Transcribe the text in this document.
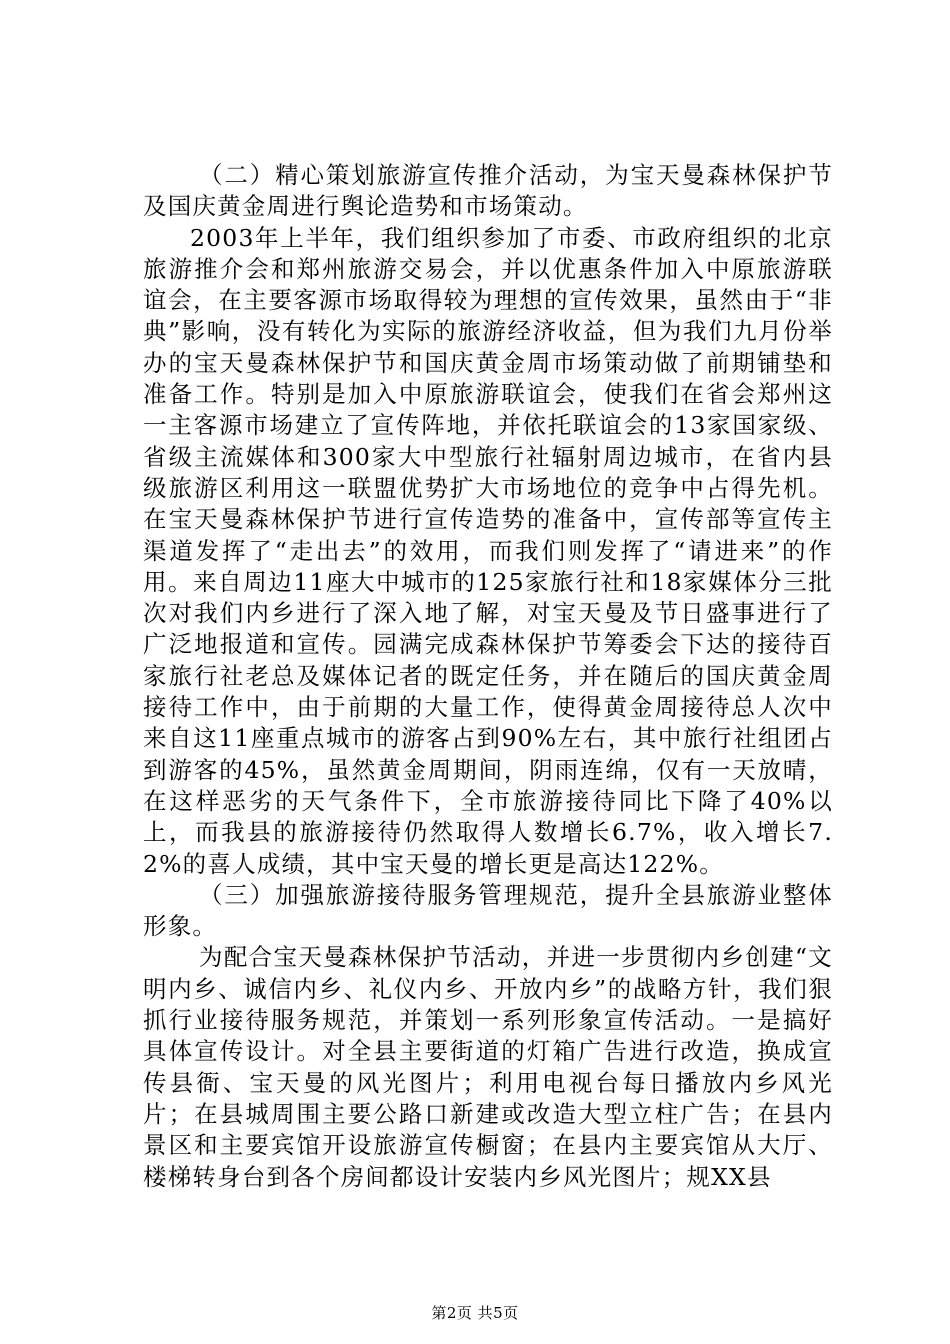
（二）精心策划旅游宣传推介活动，为宝天曼森林保护节及国庆黄金周进行舆论造势和市场策动。

2003年上半年，我们组织参加了市委、市政府组织的北京旅游推介会和郑州旅游交易会，并以优惠条件加入中原旅游联谊会，在主要客源市场取得较为理想的宣传效果，虽然由于“非典”影响，没有转化为实际的旅游经济收益，但为我们九月份举办的宝天曼森林保护节和国庆黄金周市场策动做了前期铺垫和准备工作。特别是加入中原旅游联谊会，使我们在省会郑州这一主客源市场建立了宣传阵地，并依托联谊会的13家国家级、省级主流媒体和300家大中型旅行社辐射周边城市，在省内县级旅游区利用这一联盟优势扩大市场地位的竞争中占得先机。在宝天曼森林保护节进行宣传造势的准备中，宣传部等宣传主渠道发挥了“走出去”的效用，而我们则发挥了“请进来”的作用。来自周边11座大中城市的125家旅行社和18家媒体分三批次对我们内乡进行了深入地了解，对宝天曼及节日盛事进行了广泛地报道和宣传。园满完成森林保护节筹委会下达的接待百家旅行社老总及媒体记者的既定任务，并在随后的国庆黄金周接待工作中，由于前期的大量工作，使得黄金周接待总人次中来自这11座重点城市的游客占到90%左右，其中旅行社组团占到游客的45%，虽然黄金周期间，阴雨连绵，仅有一天放晴，在这样恶劣的天气条件下，全市旅游接待同比下降了40%以上，而我县的旅游接待仍然取得人数增长6.7%，收入增长7.2%的喜人成绩，其中宝天曼的增长更是高达122%。

（三）加强旅游接待服务管理规范，提升全县旅游业整体形象。

为配合宝天曼森林保护节活动，并进一步贯彻内乡创建“文明内乡、诚信内乡、礼仪内乡、开放内乡”的战略方针，我们狠抓行业接待服务规范，并策划一系列形象宣传活动。一是搞好具体宣传设计。对全县主要街道的灯箱广告进行改造，换成宣传县衙、宝天曼的风光图片；利用电视台每日播放内乡风光片；在县城周围主要公路口新建或改造大型立柱广告；在县内景区和主要宾馆开设旅游宣传橱窗；在县内主要宾馆从大厅、楼梯转身台到各个房间都设计安装内乡风光图片；规XX县

第2页 共5页
